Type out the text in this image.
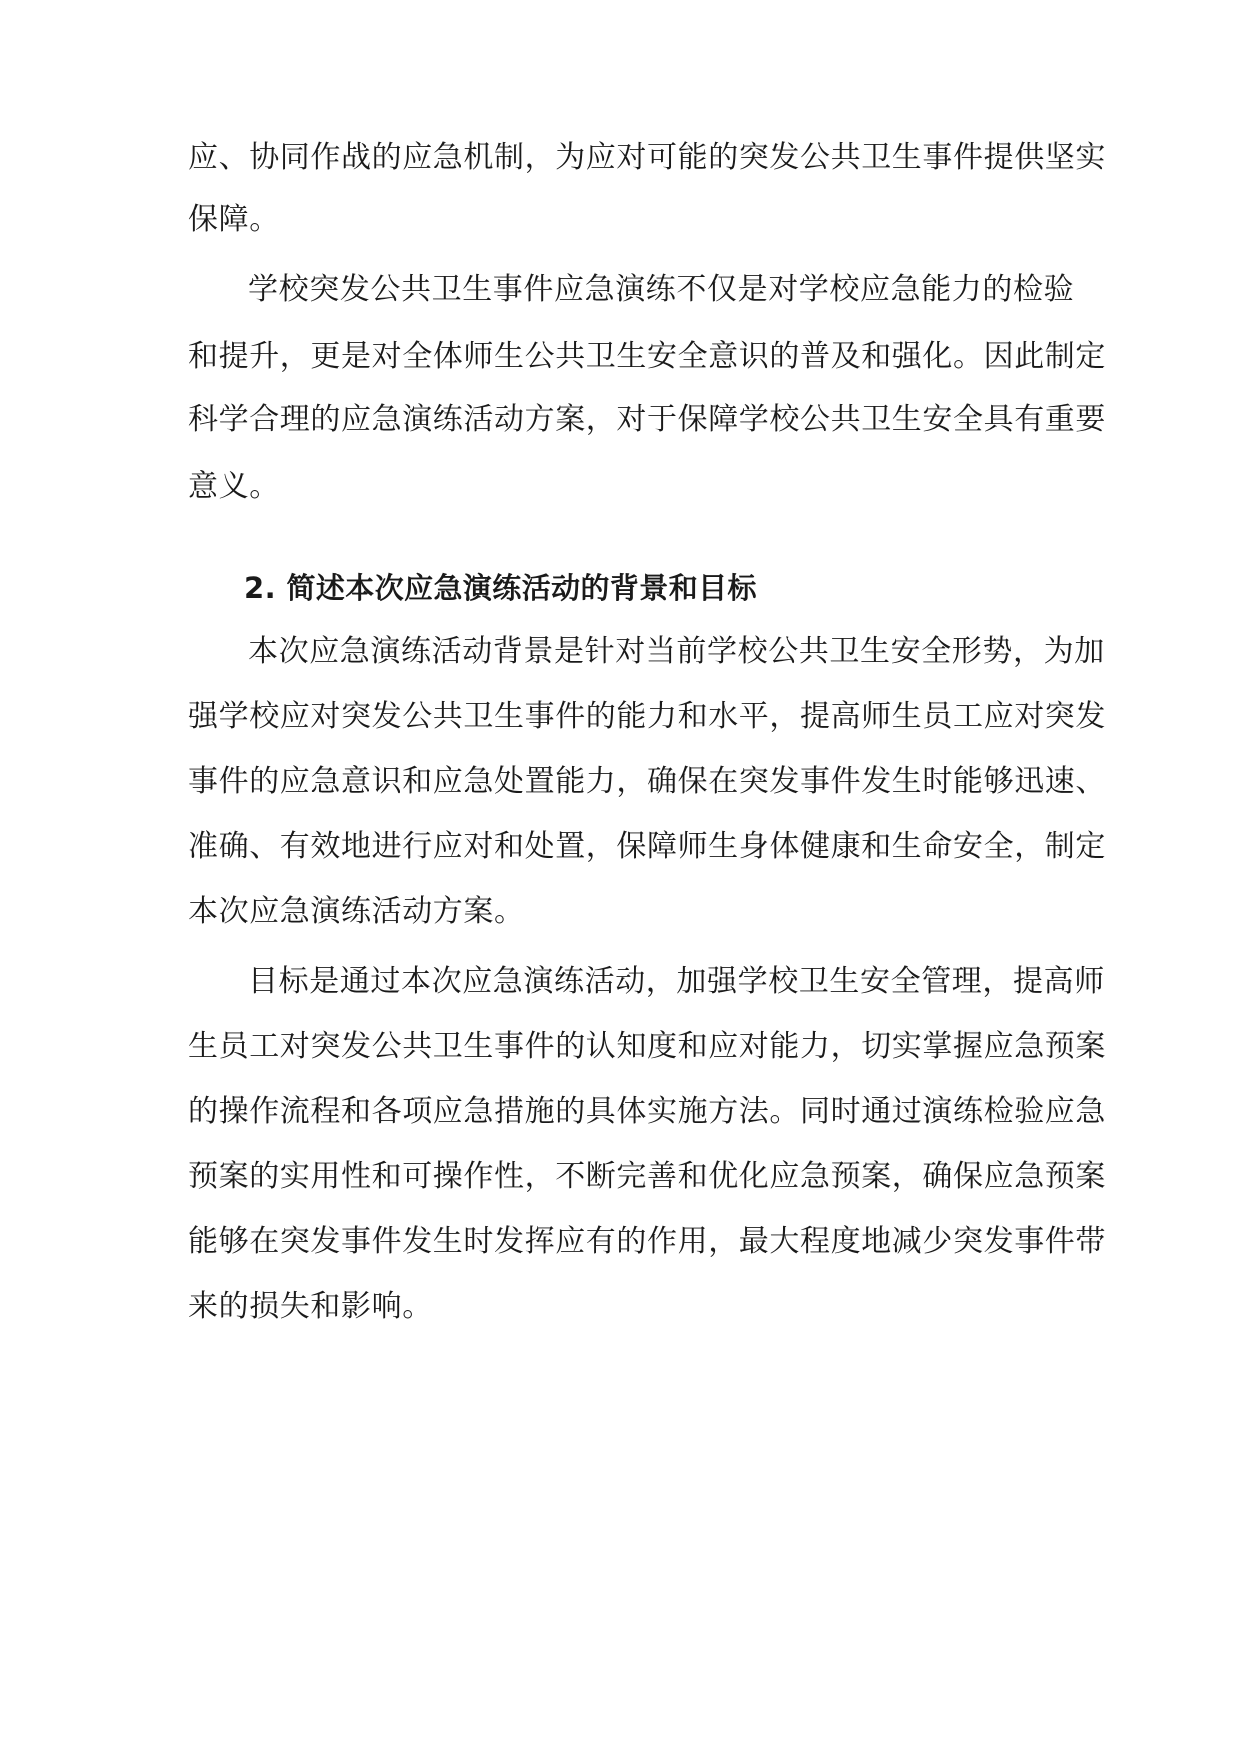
应、协同作战的应急机制，为应对可能的突发公共卫生事件提供坚实
保障。
学校突发公共卫生事件应急演练不仅是对学校应急能力的检验
和提升，更是对全体师生公共卫生安全意识的普及和强化。因此制定
科学合理的应急演练活动方案，对于保障学校公共卫生安全具有重要
意义。
2. 简述本次应急演练活动的背景和目标
本次应急演练活动背景是针对当前学校公共卫生安全形势，为加
强学校应对突发公共卫生事件的能力和水平，提高师生员工应对突发
事件的应急意识和应急处置能力，确保在突发事件发生时能够迅速、
准确、有效地进行应对和处置，保障师生身体健康和生命安全，制定
本次应急演练活动方案。
目标是通过本次应急演练活动，加强学校卫生安全管理，提高师
生员工对突发公共卫生事件的认知度和应对能力，切实掌握应急预案
的操作流程和各项应急措施的具体实施方法。同时通过演练检验应急
预案的实用性和可操作性，不断完善和优化应急预案，确保应急预案
能够在突发事件发生时发挥应有的作用，最大程度地减少突发事件带
来的损失和影响。
